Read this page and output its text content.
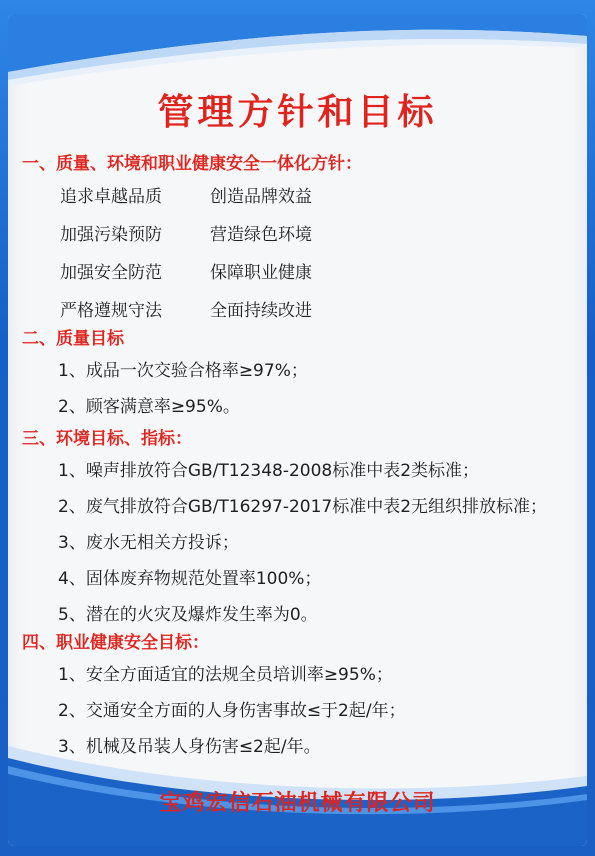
管理方针和目标
一、质量、环境和职业健康安全一体化方针：
追求卓越品质	创造品牌效益
加强污染预防	营造绿色环境
加强安全防范	保障职业健康
严格遵规守法	全面持续改进
二、质量目标
1、成品一次交验合格率≥97%；
2、顾客满意率≥95%。
三、环境目标、指标：
1、噪声排放符合GB/T12348-2008标准中表2类标准；
2、废气排放符合GB/T16297-2017标准中表2无组织排放标准；
3、废水无相关方投诉；
4、固体废弃物规范处置率100%；
5、潜在的火灾及爆炸发生率为0。
四、职业健康安全目标：
1、安全方面适宜的法规全员培训率≥95%；
2、交通安全方面的人身伤害事故≤于2起/年；
3、机械及吊装人身伤害≤2起/年。
宝鸡宏信石油机械有限公司
